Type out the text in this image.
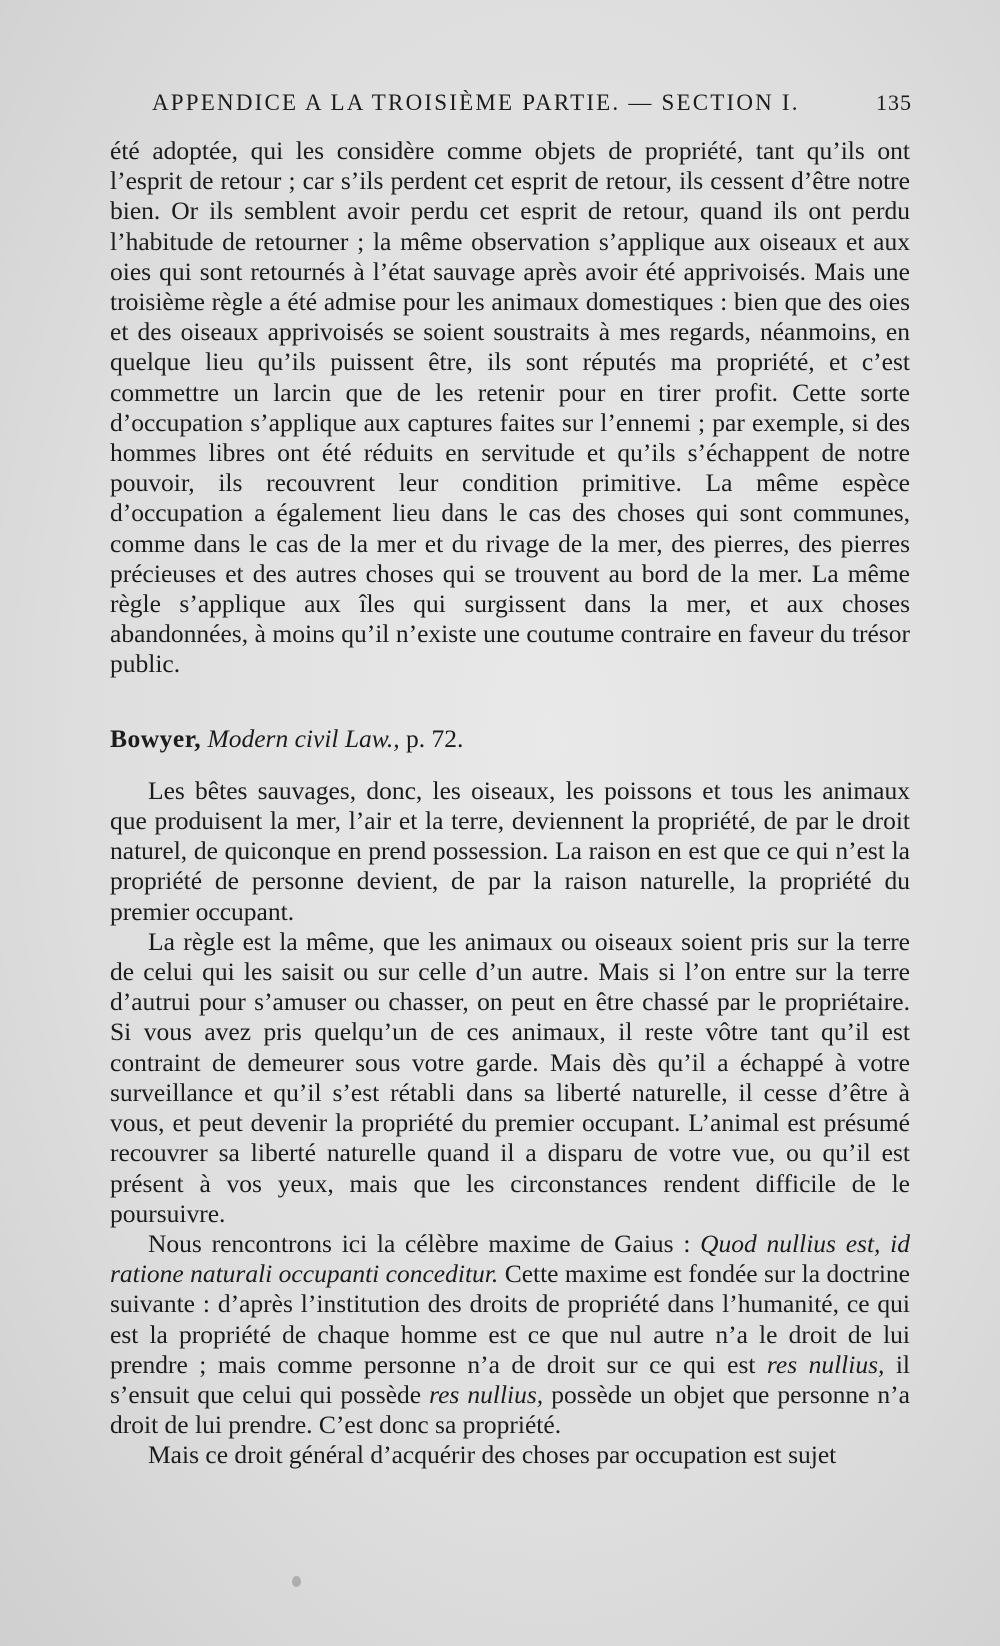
APPENDICE A LA TROISIÈME PARTIE. — SECTION I.	135

été adoptée, qui les considère comme objets de propriété, tant qu’ils ont l’esprit de retour ; car s’ils perdent cet esprit de retour, ils cessent d’être notre bien. Or ils semblent avoir perdu cet esprit de retour, quand ils ont perdu l’habitude de retourner ; la même observation s’applique aux oiseaux et aux oies qui sont retournés à l’état sauvage après avoir été apprivoisés. Mais une troisième règle a été admise pour les animaux domestiques : bien que des oies et des oiseaux apprivoisés se soient soustraits à mes regards, néanmoins, en quelque lieu qu’ils puissent être, ils sont réputés ma propriété, et c’est commettre un larcin que de les retenir pour en tirer profit. Cette sorte d’occupation s’applique aux captures faites sur l’ennemi ; par exemple, si des hommes libres ont été réduits en servitude et qu’ils s’échappent de notre pouvoir, ils recouvrent leur condition primitive. La même espèce d’occupation a également lieu dans le cas des choses qui sont communes, comme dans le cas de la mer et du rivage de la mer, des pierres, des pierres précieuses et des autres choses qui se trouvent au bord de la mer. La même règle s’applique aux îles qui surgissent dans la mer, et aux choses abandonnées, à moins qu’il n’existe une coutume contraire en faveur du trésor public.

Bowyer, Modern civil Law., p. 72.

Les bêtes sauvages, donc, les oiseaux, les poissons et tous les animaux que produisent la mer, l’air et la terre, deviennent la propriété, de par le droit naturel, de quiconque en prend possession. La raison en est que ce qui n’est la propriété de personne devient, de par la raison naturelle, la propriété du premier occupant.

La règle est la même, que les animaux ou oiseaux soient pris sur la terre de celui qui les saisit ou sur celle d’un autre. Mais si l’on entre sur la terre d’autrui pour s’amuser ou chasser, on peut en être chassé par le propriétaire. Si vous avez pris quelqu’un de ces animaux, il reste vôtre tant qu’il est contraint de demeurer sous votre garde. Mais dès qu’il a échappé à votre surveillance et qu’il s’est rétabli dans sa liberté naturelle, il cesse d’être à vous, et peut devenir la propriété du premier occupant. L’animal est présumé recouvrer sa liberté naturelle quand il a disparu de votre vue, ou qu’il est présent à vos yeux, mais que les circonstances rendent difficile de le poursuivre.

Nous rencontrons ici la célèbre maxime de Gaius : Quod nullius est, id ratione naturali occupanti conceditur. Cette maxime est fondée sur la doctrine suivante : d’après l’institution des droits de propriété dans l’humanité, ce qui est la propriété de chaque homme est ce que nul autre n’a le droit de lui prendre ; mais comme personne n’a de droit sur ce qui est res nullius, il s’ensuit que celui qui possède res nullius, possède un objet que personne n’a droit de lui prendre. C’est donc sa propriété.

Mais ce droit général d’acquérir des choses par occupation est sujet
